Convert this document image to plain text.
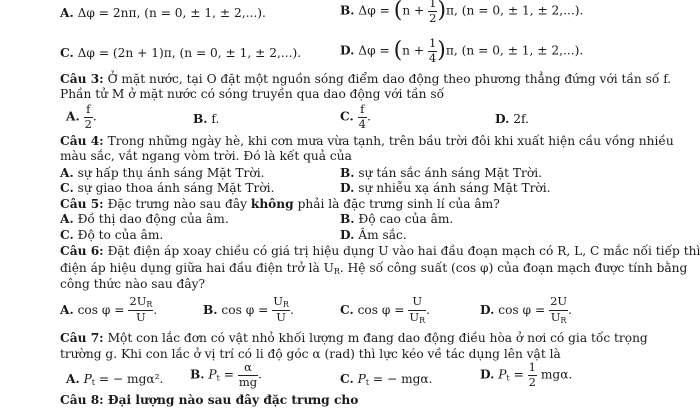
A. Δφ = 2nπ, (n = 0, ± 1, ± 2,...).	B. $\Delta\varphi = (n + \frac{1}{2} )\pi$, (n = 0, ± 1, ± 2,...).
C. Δφ = (2n + 1)π, (n = 0, ± 1, ± 2,...).	D. $\Delta\varphi = (n + \frac{1}{4} )\pi$, (n = 0, ± 1, ± 2,...).
Câu 3: Ở mặt nước, tại O đặt một nguồn sóng điểm dao động theo phương thẳng đứng với tần số f.
Phần tử M ở mặt nước có sóng truyền qua dao động với tần số
A. $\frac{f}{2}$ .	B. f.	C. $\frac{f}{4}$ .	D. 2f.
Câu 4: Trong những ngày hè, khi cơn mưa vừa tạnh, trên bầu trời đôi khi xuất hiện cầu vồng nhiều
màu sắc, vắt ngang vòm trời. Đó là kết quả của
A. sự hấp thụ ánh sáng Mặt Trời.	B. sự tán sắc ánh sáng Mặt Trời.
C. sự giao thoa ánh sáng Mặt Trời.	D. sự nhiễu xạ ánh sáng Mặt Trời.
Câu 5: Đặc trưng nào sau đây không phải là đặc trưng sinh lí của âm?
A. Đồ thị dao động của âm.	B. Độ cao của âm.
C. Độ to của âm.	D. Âm sắc.
Câu 6: Đặt điện áp xoay chiều có giá trị hiệu dụng U vào hai đầu đoạn mạch có R, L, C mắc nối tiếp thì
điện áp hiệu dụng giữa hai đầu điện trở là $U_R$. Hệ số công suất (cos φ) của đoạn mạch được tính bằng
công thức nào sau đây?
A. $\cos \varphi = \frac{2U_R}{U}$ .	B. $\cos \varphi = \frac{U_R}{U}$ .	C. $\cos \varphi = \frac{U}{U_R}$ .	D. $\cos \varphi = \frac{2U}{U_R}$ .
Câu 7: Một con lắc đơn có vật nhỏ khối lượng m đang dao động điều hòa ở nơi có gia tốc trọng
trường g. Khi con lắc ở vị trí có li độ góc α (rad) thì lực kéo về tác dụng lên vật là
A. $P_t$ = − mgα². B. $P_t = \frac{\alpha}{mg}$ .	C. $P_t$ = − mgα.	D. $P_t = \frac{1}{2} mg\alpha$.
Câu 8: Đại lượng nào sau đây đặc trưng cho
